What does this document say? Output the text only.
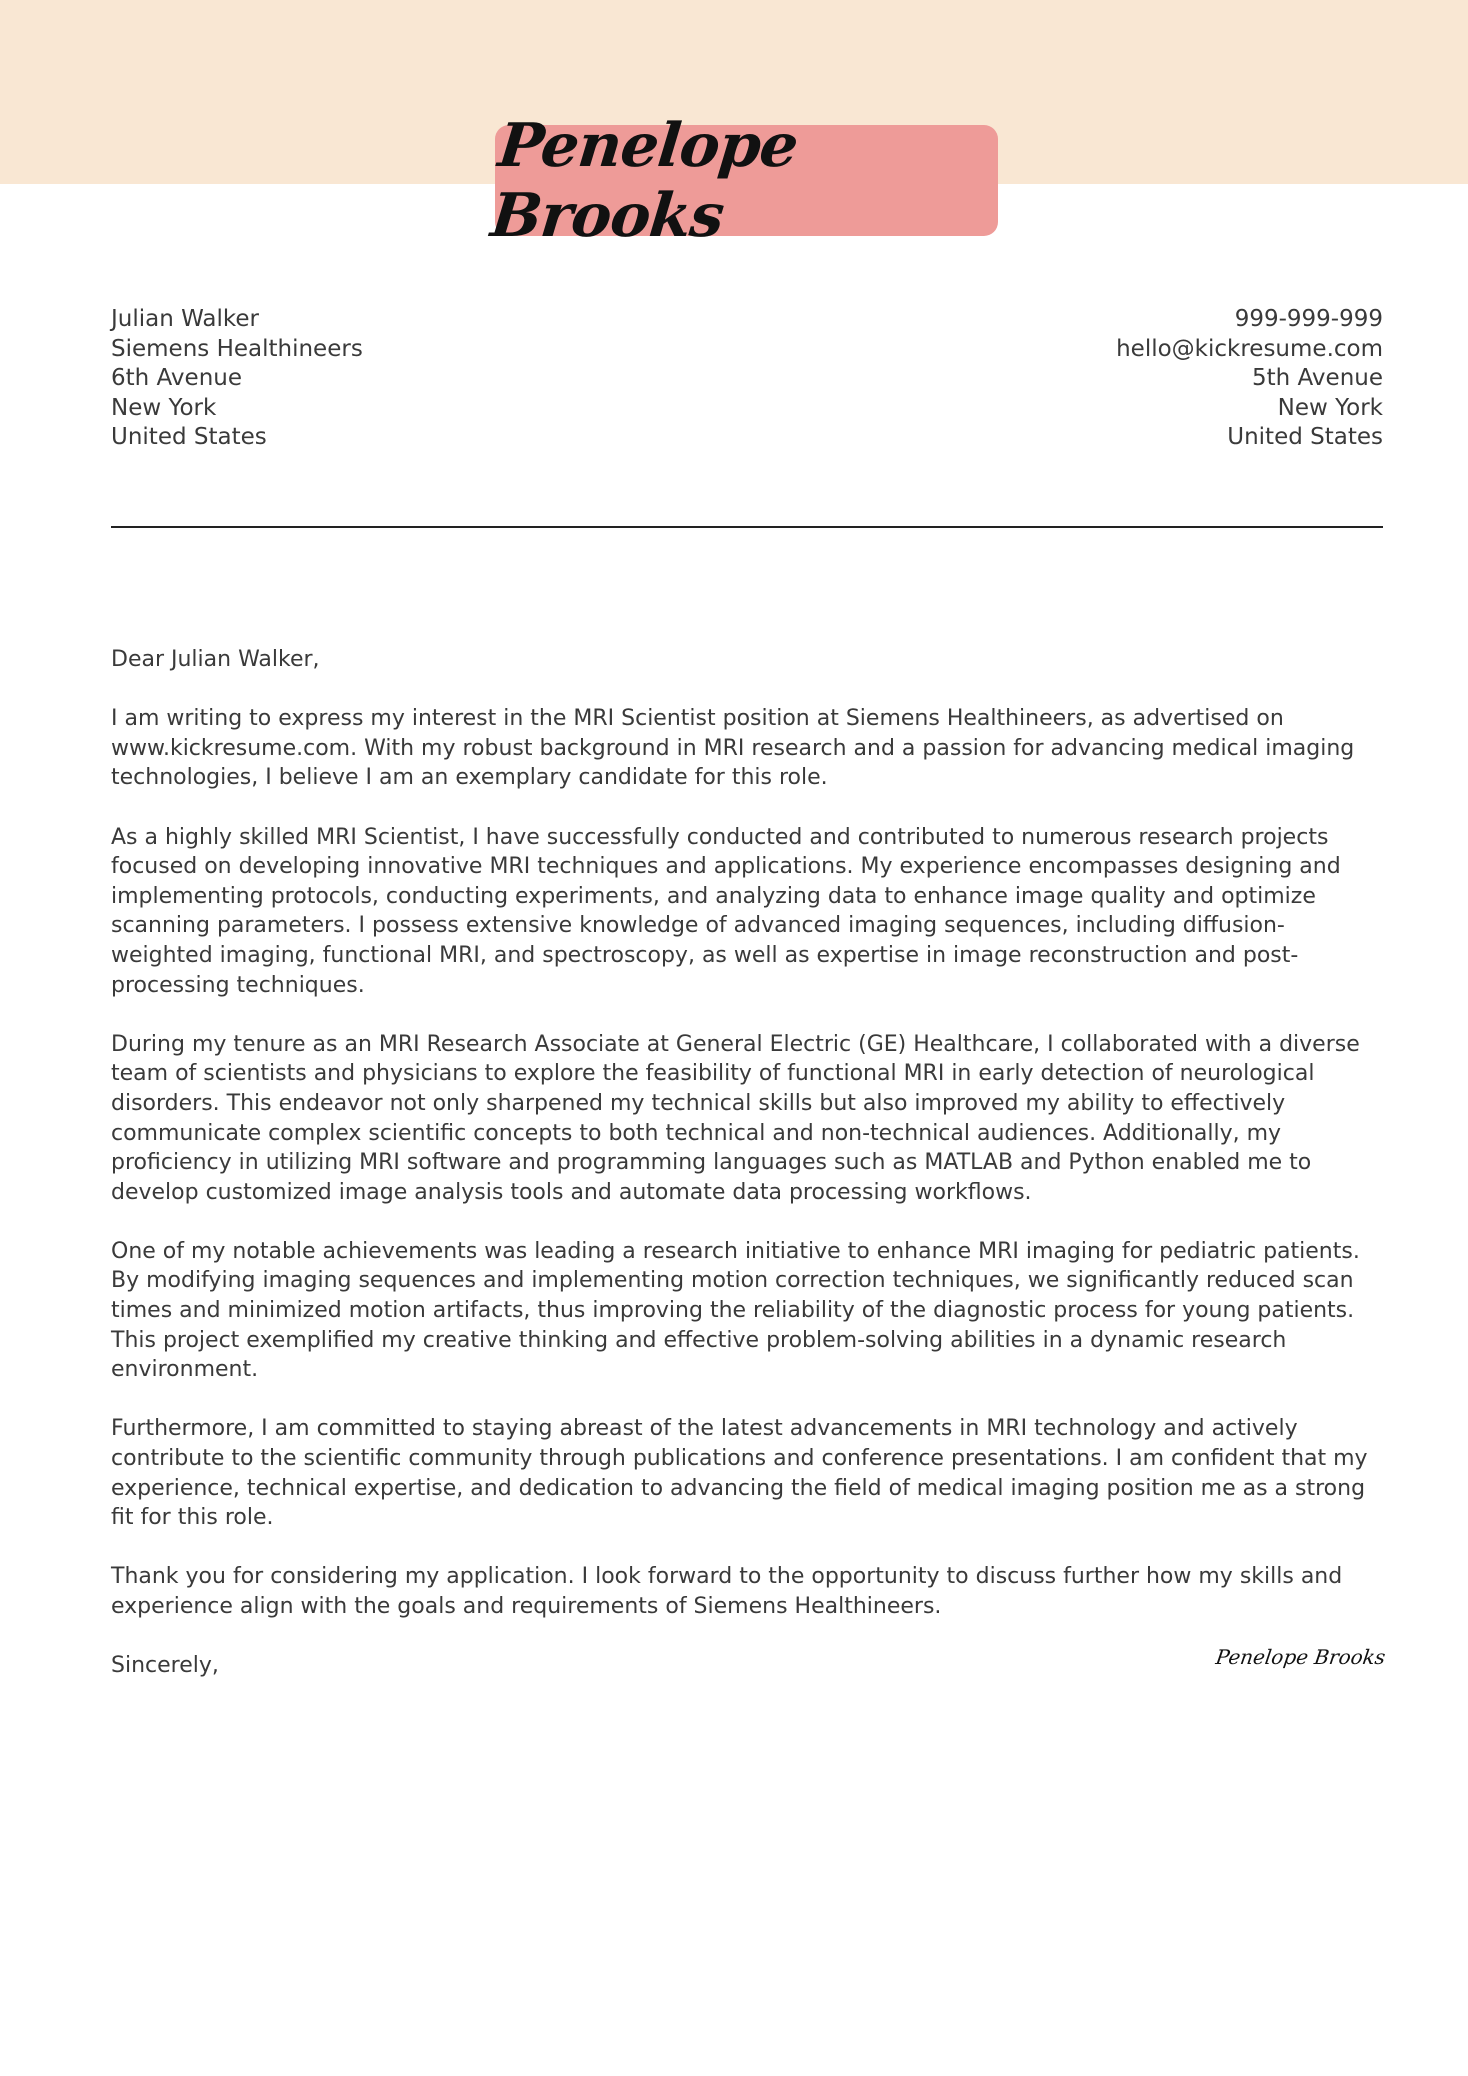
Penelope Brooks
Julian Walker
Siemens Healthineers
6th Avenue
New York
United States
999-999-999
hello@kickresume.com
5th Avenue
New York
United States

Dear Julian Walker,

I am writing to express my interest in the MRI Scientist position at Siemens Healthineers, as advertised on www.kickresume.com. With my robust background in MRI research and a passion for advancing medical imaging technologies, I believe I am an exemplary candidate for this role.

As a highly skilled MRI Scientist, I have successfully conducted and contributed to numerous research projects focused on developing innovative MRI techniques and applications. My experience encompasses designing and implementing protocols, conducting experiments, and analyzing data to enhance image quality and optimize scanning parameters. I possess extensive knowledge of advanced imaging sequences, including diffusion-weighted imaging, functional MRI, and spectroscopy, as well as expertise in image reconstruction and post-processing techniques.

During my tenure as an MRI Research Associate at General Electric (GE) Healthcare, I collaborated with a diverse team of scientists and physicians to explore the feasibility of functional MRI in early detection of neurological disorders. This endeavor not only sharpened my technical skills but also improved my ability to effectively communicate complex scientific concepts to both technical and non-technical audiences. Additionally, my proficiency in utilizing MRI software and programming languages such as MATLAB and Python enabled me to develop customized image analysis tools and automate data processing workflows.

One of my notable achievements was leading a research initiative to enhance MRI imaging for pediatric patients. By modifying imaging sequences and implementing motion correction techniques, we significantly reduced scan times and minimized motion artifacts, thus improving the reliability of the diagnostic process for young patients. This project exemplified my creative thinking and effective problem-solving abilities in a dynamic research environment.

Furthermore, I am committed to staying abreast of the latest advancements in MRI technology and actively contribute to the scientific community through publications and conference presentations. I am confident that my experience, technical expertise, and dedication to advancing the field of medical imaging position me as a strong fit for this role.

Thank you for considering my application. I look forward to the opportunity to discuss further how my skills and experience align with the goals and requirements of Siemens Healthineers.

Sincerely,	Penelope Brooks
